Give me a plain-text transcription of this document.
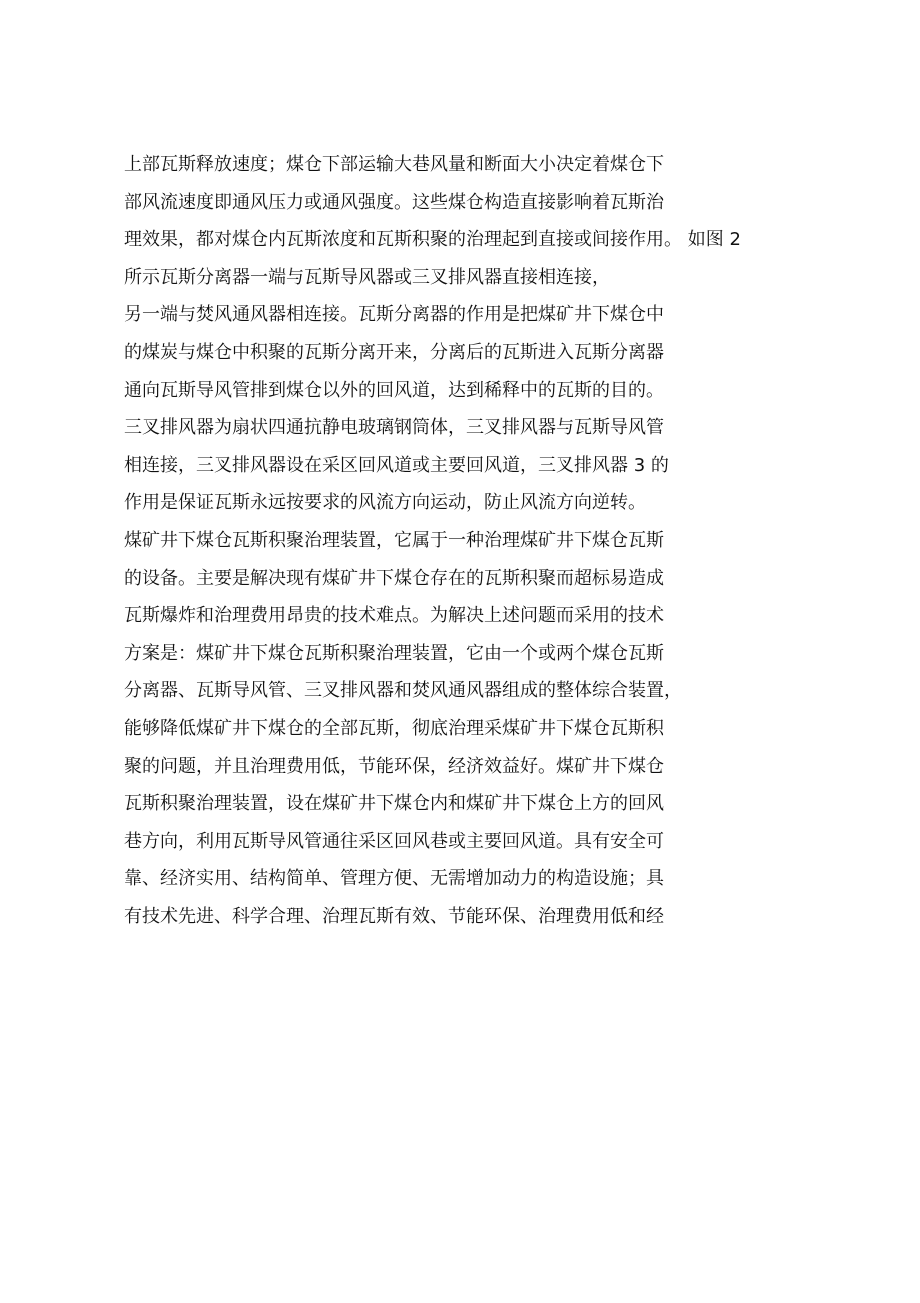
上部瓦斯释放速度；煤仓下部运输大巷风量和断面大小决定着煤仓下
部风流速度即通风压力或通风强度。这些煤仓构造直接影响着瓦斯治
理效果，都对煤仓内瓦斯浓度和瓦斯积聚的治理起到直接或间接作用。 如图 2
所示瓦斯分离器一端与瓦斯导风器或三叉排风器直接相连接，
另一端与焚风通风器相连接。瓦斯分离器的作用是把煤矿井下煤仓中
的煤炭与煤仓中积聚的瓦斯分离开来，分离后的瓦斯进入瓦斯分离器
通向瓦斯导风管排到煤仓以外的回风道，达到稀释中的瓦斯的目的。
三叉排风器为扇状四通抗静电玻璃钢筒体，三叉排风器与瓦斯导风管
相连接，三叉排风器设在采区回风道或主要回风道，三叉排风器 3 的
作用是保证瓦斯永远按要求的风流方向运动，防止风流方向逆转。
煤矿井下煤仓瓦斯积聚治理装置，它属于一种治理煤矿井下煤仓瓦斯
的设备。主要是解决现有煤矿井下煤仓存在的瓦斯积聚而超标易造成
瓦斯爆炸和治理费用昂贵的技术难点。为解决上述问题而采用的技术
方案是：煤矿井下煤仓瓦斯积聚治理装置，它由一个或两个煤仓瓦斯
分离器、瓦斯导风管、三叉排风器和焚风通风器组成的整体综合装置，
能够降低煤矿井下煤仓的全部瓦斯，彻底治理采煤矿井下煤仓瓦斯积
聚的问题，并且治理费用低，节能环保，经济效益好。煤矿井下煤仓
瓦斯积聚治理装置，设在煤矿井下煤仓内和煤矿井下煤仓上方的回风
巷方向，利用瓦斯导风管通往采区回风巷或主要回风道。具有安全可
靠、经济实用、结构简单、管理方便、无需增加动力的构造设施；具
有技术先进、科学合理、治理瓦斯有效、节能环保、治理费用低和经
